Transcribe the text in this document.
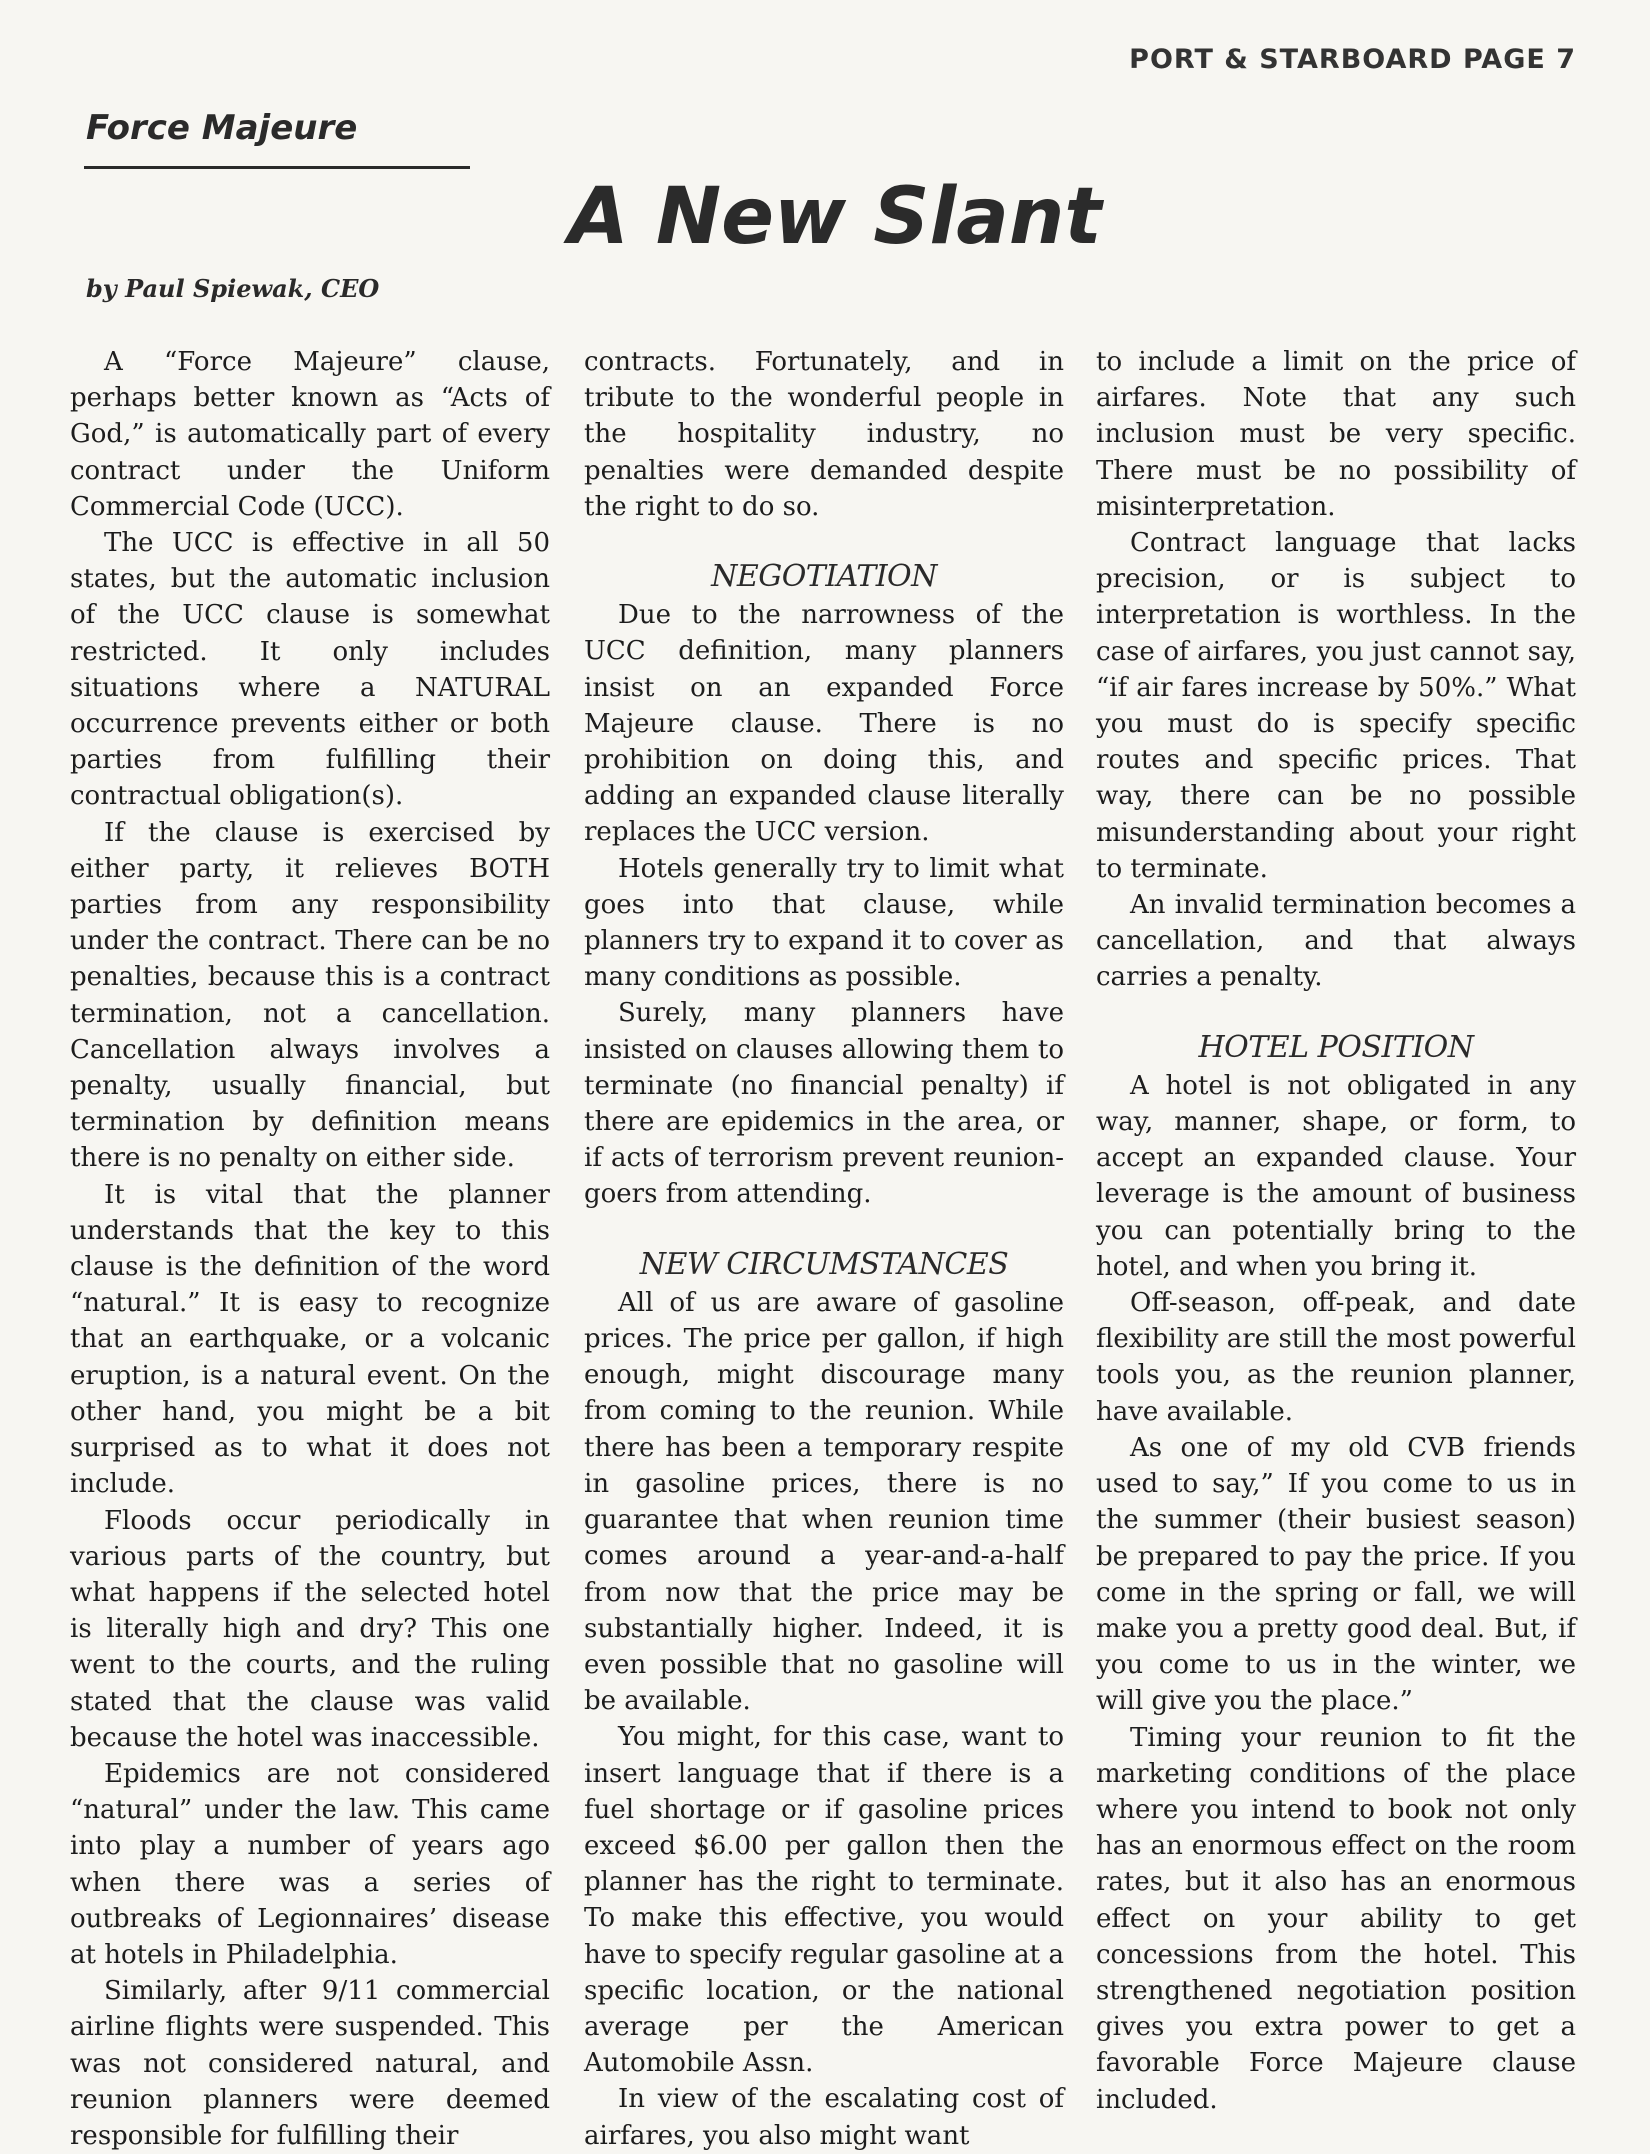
PORT & STARBOARD PAGE 7
Force Majeure
A New Slant
by Paul Spiewak, CEO

A “Force Majeure” clause, perhaps better known as “Acts of God,” is automatically part of every contract under the Uniform Commercial Code (UCC).

The UCC is effective in all 50 states, but the automatic inclusion of the UCC clause is somewhat restricted. It only includes situations where a NATURAL occurrence prevents either or both parties from fulfilling their contractual obligation(s).

If the clause is exercised by either party, it relieves BOTH parties from any responsibility under the contract. There can be no penalties, because this is a contract termination, not a cancellation. Cancellation always involves a penalty, usually financial, but termination by definition means there is no penalty on either side.

It is vital that the planner understands that the key to this clause is the definition of the word “natural.” It is easy to recognize that an earthquake, or a volcanic eruption, is a natural event. On the other hand, you might be a bit surprised as to what it does not include.

Floods occur periodically in various parts of the country, but what happens if the selected hotel is literally high and dry? This one went to the courts, and the ruling stated that the clause was valid because the hotel was inaccessible.

Epidemics are not considered “natural” under the law. This came into play a number of years ago when there was a series of outbreaks of Legionnaires’ disease at hotels in Philadelphia.

Similarly, after 9/11 commercial airline flights were suspended. This was not considered natural, and reunion planners were deemed responsible for fulfilling their

contracts. Fortunately, and in tribute to the wonderful people in the hospitality industry, no penalties were demanded despite the right to do so.

NEGOTIATION

Due to the narrowness of the UCC definition, many planners insist on an expanded Force Majeure clause. There is no prohibition on doing this, and adding an expanded clause literally replaces the UCC version.

Hotels generally try to limit what goes into that clause, while planners try to expand it to cover as many conditions as possible.

Surely, many planners have insisted on clauses allowing them to terminate (no financial penalty) if there are epidemics in the area, or if acts of terrorism prevent reunion-goers from attending.

NEW CIRCUMSTANCES

All of us are aware of gasoline prices. The price per gallon, if high enough, might discourage many from coming to the reunion. While there has been a temporary respite in gasoline prices, there is no guarantee that when reunion time comes around a year-and-a-half from now that the price may be substantially higher. Indeed, it is even possible that no gasoline will be available.

You might, for this case, want to insert language that if there is a fuel shortage or if gasoline prices exceed $6.00 per gallon then the planner has the right to terminate. To make this effective, you would have to specify regular gasoline at a specific location, or the national average per the American Automobile Assn.

In view of the escalating cost of airfares, you also might want

to include a limit on the price of airfares. Note that any such inclusion must be very specific. There must be no possibility of misinterpretation.

Contract language that lacks precision, or is subject to interpretation is worthless. In the case of airfares, you just cannot say, “if air fares increase by 50%.” What you must do is specify specific routes and specific prices. That way, there can be no possible misunderstanding about your right to terminate.

An invalid termination becomes a cancellation, and that always carries a penalty.

HOTEL POSITION

A hotel is not obligated in any way, manner, shape, or form, to accept an expanded clause. Your leverage is the amount of business you can potentially bring to the hotel, and when you bring it.

Off-season, off-peak, and date flexibility are still the most powerful tools you, as the reunion planner, have available.

As one of my old CVB friends used to say,” If you come to us in the summer (their busiest season) be prepared to pay the price. If you come in the spring or fall, we will make you a pretty good deal. But, if you come to us in the winter, we will give you the place.”

Timing your reunion to fit the marketing conditions of the place where you intend to book not only has an enormous effect on the room rates, but it also has an enormous effect on your ability to get concessions from the hotel. This strengthened negotiation position gives you extra power to get a favorable Force Majeure clause included.
